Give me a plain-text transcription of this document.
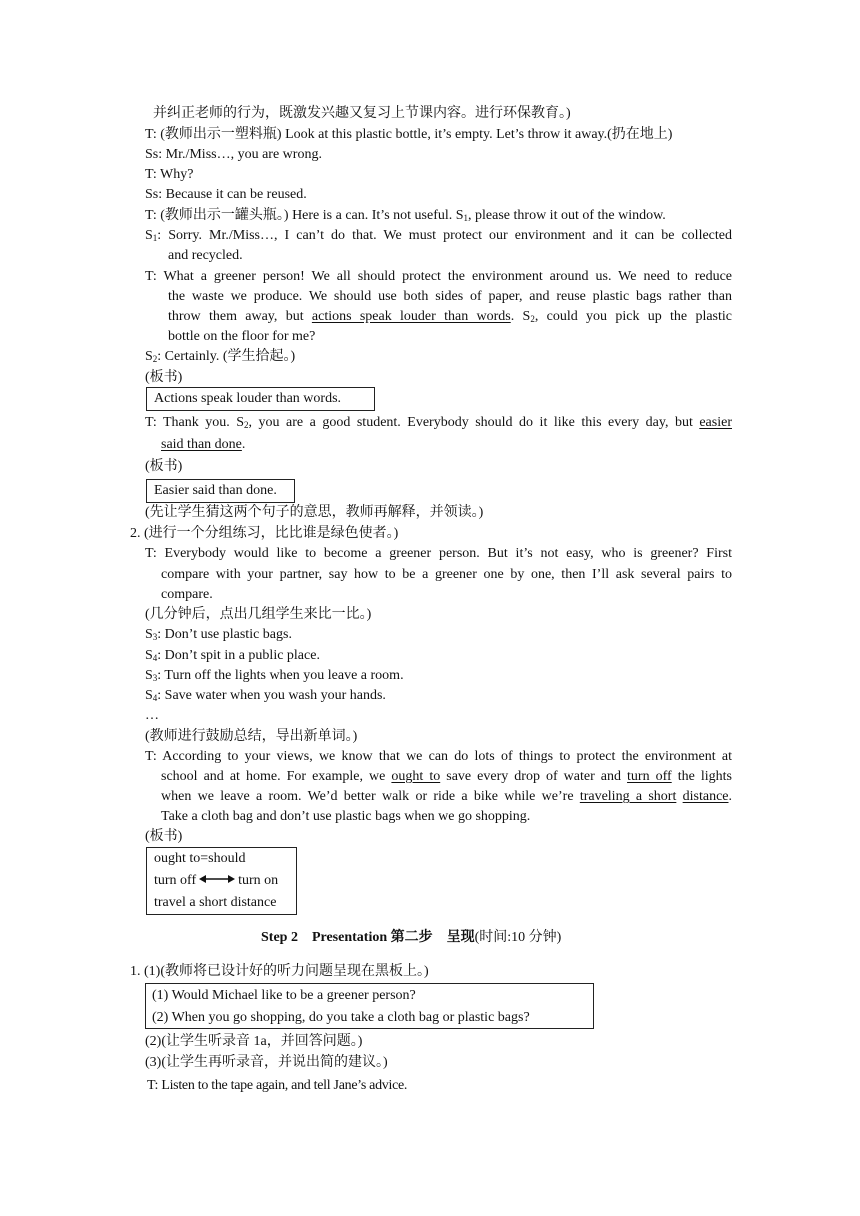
并纠正老师的行为，既激发兴趣又复习上节课内容。进行环保教育。)
T: (教师出示一塑料瓶) Look at this plastic bottle, it’s empty. Let’s throw it away.(扔在地上)
Ss: Mr./Miss…, you are wrong.
T: Why?
Ss: Because it can be reused.
T: (教师出示一罐头瓶。) Here is a can. It’s not useful. $S_1$, please throw it out of the window.
$S_1$: Sorry. Mr./Miss…, I can’t do that. We must protect our environment and it can be collected
and recycled.
T: What a greener person! We all should protect the environment around us. We need to reduce
the waste we produce. We should use both sides of paper, and reuse plastic bags rather than
throw them away, but actions speak louder than words. $S_2$, could you pick up the plastic
bottle on the floor for me?
$S_2$: Certainly. (学生拾起。)
(板书)
Actions speak louder than words.
T: Thank you. $S_2$, you are a good student. Everybody should do it like this every day, but easier
said than done.
(板书)
Easier said than done.
(先让学生猜这两个句子的意思，教师再解释，并领读。)
2. (进行一个分组练习，比比谁是绿色使者。)
T: Everybody would like to become a greener person. But it’s not easy, who is greener? First
compare with your partner, say how to be a greener one by one, then I’ll ask several pairs to
compare.
(几分钟后，点出几组学生来比一比。)
$S_3$: Don’t use plastic bags.
$S_4$: Don’t spit in a public place.
$S_3$: Turn off the lights when you leave a room.
$S_4$: Save water when you wash your hands.
…
(教师进行鼓励总结，导出新单词。)
T: According to your views, we know that we can do lots of things to protect the environment at
school and at home. For example, we ought to save every drop of water and turn off the lights
when we leave a room. We’d better walk or ride a bike while we’re traveling a short distance.
Take a cloth bag and don’t use plastic bags when we go shopping.
(板书)
ought to=should
turn off	turn on
travel a short distance
Step 2　Presentation 第二步　呈现(时间:10 分钟)
1. (1)(教师将已设计好的听力问题呈现在黑板上。)
(1) Would Michael like to be a greener person?
(2) When you go shopping, do you take a cloth bag or plastic bags?
(2)(让学生听录音 1a，并回答问题。)
(3)(让学生再听录音，并说出简的建议。)
T: Listen to the tape again, and tell Jane’s advice.
